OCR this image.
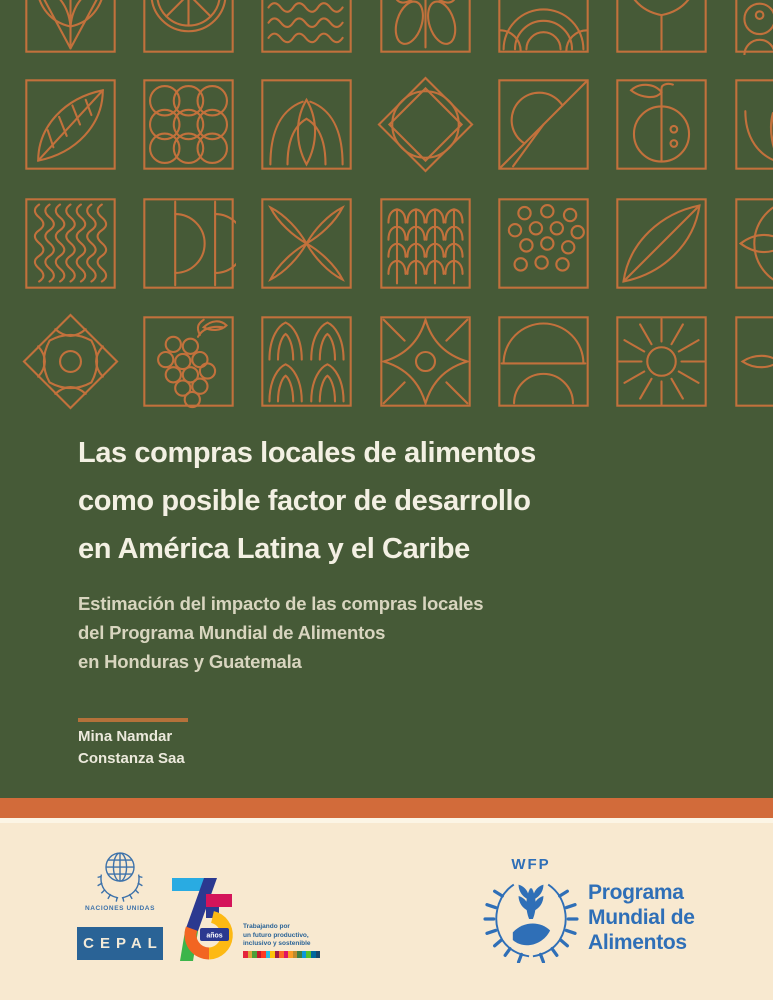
Las compras locales de alimentos
como posible factor de desarrollo
en América Latina y el Caribe
Estimación del impacto de las compras locales
del Programa Mundial de Alimentos
en Honduras y Guatemala
Mina Namdar
Constanza Saa
NACIONES UNIDAS
CEPAL	años
Trabajando por
un futuro productivo,
inclusivo y sostenible
WFP
Programa
Mundial de
Alimentos
